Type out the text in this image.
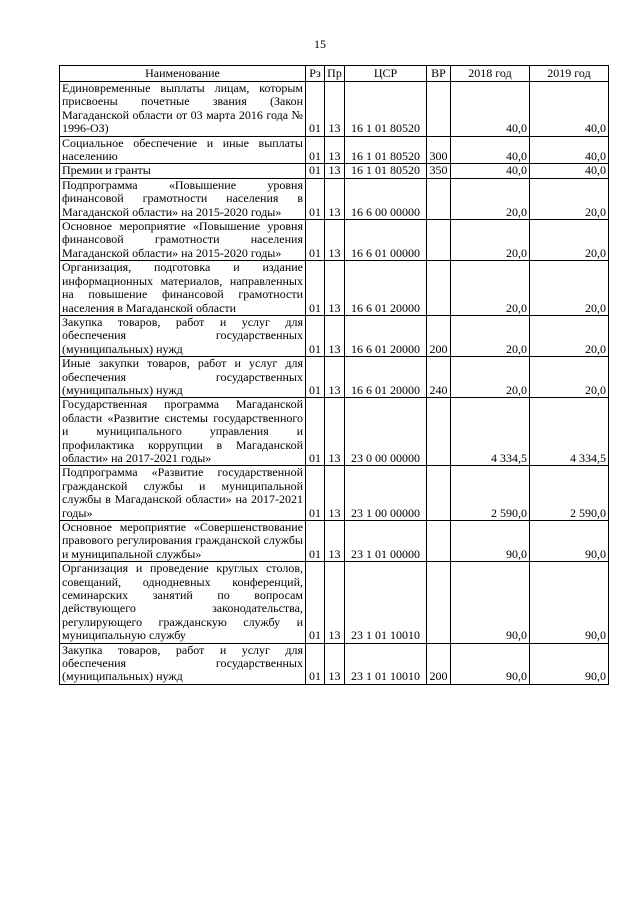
15
Наименование	Рз	Пр	ЦСР	ВР	2018 год	2019 год
Единовременные выплаты лицам, которым присвоены почетные звания (Закон Магаданской области от 03 марта 2016 года № 1996-ОЗ)	01	13	16 1 01 80520		40,0	40,0
Социальное обеспечение и иные выплаты населению	01	13	16 1 01 80520	300	40,0	40,0
Премии и гранты	01	13	16 1 01 80520	350	40,0	40,0
Подпрограмма «Повышение уровня финансовой грамотности населения в Магаданской области» на 2015-2020 годы»	01	13	16 6 00 00000		20,0	20,0
Основное мероприятие «Повышение уровня финансовой грамотности населения Магаданской области» на 2015-2020 годы»	01	13	16 6 01 00000		20,0	20,0
Организация, подготовка и издание информационных материалов, направленных на повышение финансовой грамотности населения в Магаданской области	01	13	16 6 01 20000		20,0	20,0
Закупка товаров, работ и услуг для обеспечения государственных (муниципальных) нужд	01	13	16 6 01 20000	200	20,0	20,0
Иные закупки товаров, работ и услуг для обеспечения государственных (муниципальных) нужд	01	13	16 6 01 20000	240	20,0	20,0
Государственная программа Магаданской области «Развитие системы государственного и муниципального управления и профилактика коррупции в Магаданской области» на 2017-2021 годы»	01	13	23 0 00 00000		4 334,5	4 334,5
Подпрограмма «Развитие государственной гражданской службы и муниципальной службы в Магаданской области» на 2017-2021 годы»	01	13	23 1 00 00000		2 590,0	2 590,0
Основное мероприятие «Совершенствование правового регулирования гражданской службы и муниципальной службы»	01	13	23 1 01 00000		90,0	90,0
Организация и проведение круглых столов, совещаний, однодневных конференций, семинарских занятий по вопросам действующего законодательства, регулирующего гражданскую службу и муниципальную службу	01	13	23 1 01 10010		90,0	90,0
Закупка товаров, работ и услуг для обеспечения государственных (муниципальных) нужд	01	13	23 1 01 10010	200	90,0	90,0
